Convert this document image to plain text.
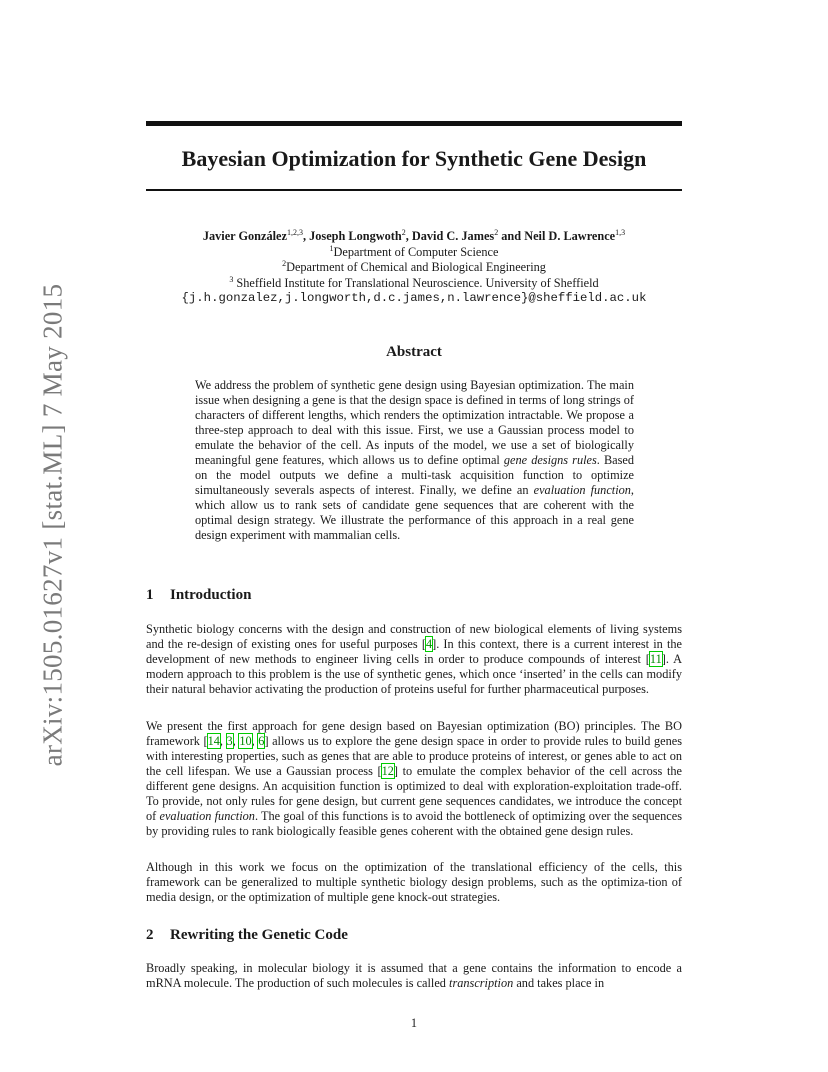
arXiv:1505.01627v1 [stat.ML] 7 May 2015
Bayesian Optimization for Synthetic Gene Design
Javier González$^{1,2,3}$, Joseph Longwoth$^2$, David C. James$^2$ and Neil D. Lawrence$^{1,3}$
$^1$Department of Computer Science
$^2$Department of Chemical and Biological Engineering
$^3$ Sheffield Institute for Translational Neuroscience. University of Sheffield
{j.h.gonzalez,j.longworth,d.c.james,n.lawrence}@sheffield.ac.uk
Abstract

We address the problem of synthetic gene design using Bayesian optimization. The main issue when designing a gene is that the design space is defined in terms of long strings of characters of different lengths, which renders the optimization intractable. We propose a three-step approach to deal with this issue. First, we use a Gaussian process model to emulate the behavior of the cell. As inputs of the model, we use a set of biologically meaningful gene features, which allows us to define optimal gene designs rules. Based on the model outputs we define a multi-task acquisition function to optimize simultaneously severals aspects of interest. Finally, we define an evaluation function, which allow us to rank sets of candidate gene sequences that are coherent with the optimal design strategy. We illustrate the performance of this approach in a real gene design experiment with mammalian cells.

1 Introduction

Synthetic biology concerns with the design and construction of new biological elements of living systems and the re-design of existing ones for useful purposes [4]. In this context, there is a current interest in the development of new methods to engineer living cells in order to produce compounds of interest [11]. A modern approach to this problem is the use of synthetic genes, which once ‘inserted’ in the cells can modify their natural behavior activating the production of proteins useful for further pharmaceutical purposes.

We present the first approach for gene design based on Bayesian optimization (BO) principles. The BO framework [14, 3, 10, 6] allows us to explore the gene design space in order to provide rules to build genes with interesting properties, such as genes that are able to produce proteins of interest, or genes able to act on the cell lifespan. We use a Gaussian process [12] to emulate the complex behavior of the cell across the different gene designs. An acquisition function is optimized to deal with exploration-exploitation trade-off. To provide, not only rules for gene design, but current gene sequences candidates, we introduce the concept of evaluation function. The goal of this functions is to avoid the bottleneck of optimizing over the sequences by providing rules to rank biologically feasible genes coherent with the obtained gene design rules.

Although in this work we focus on the optimization of the translational efficiency of the cells, this framework can be generalized to multiple synthetic biology design problems, such as the optimiza-tion of media design, or the optimization of multiple gene knock-out strategies.

2 Rewriting the Genetic Code

Broadly speaking, in molecular biology it is assumed that a gene contains the information to encode a mRNA molecule. The production of such molecules is called transcription and takes place in

1
